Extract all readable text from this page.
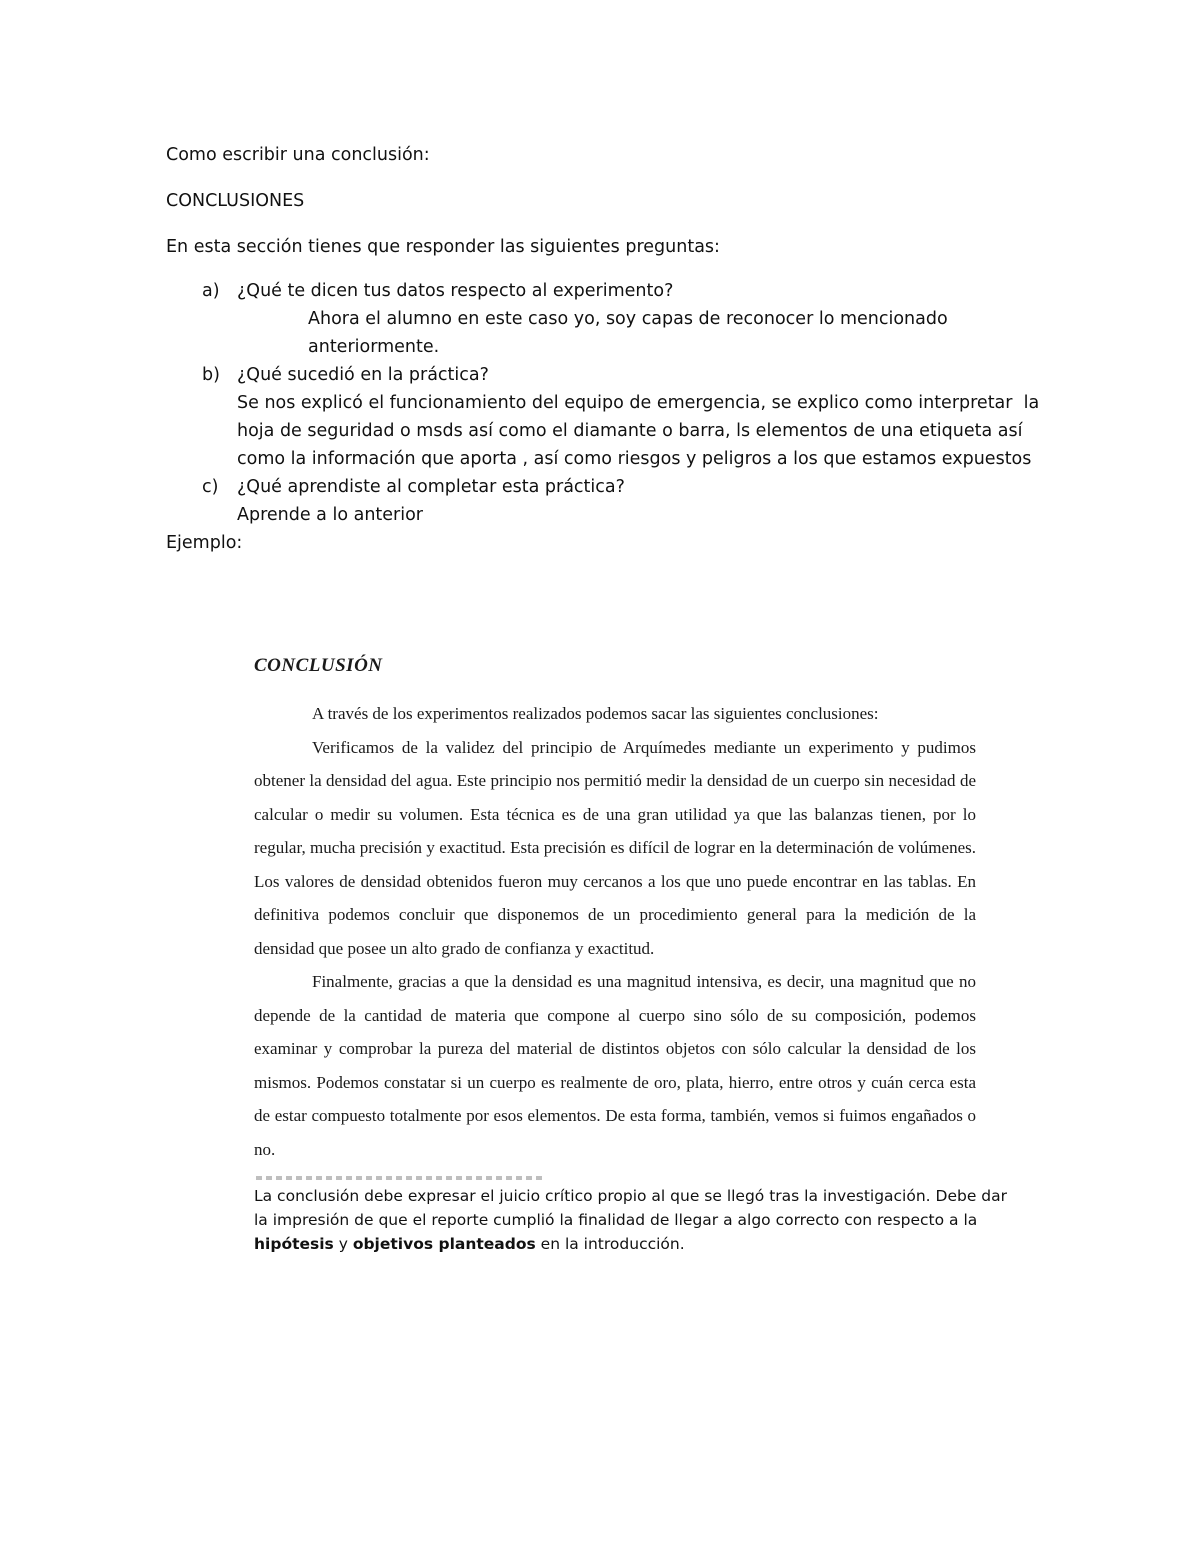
Como escribir una conclusión:

CONCLUSIONES

En esta sección tienes que responder las siguientes preguntas:

a) ¿Qué te dicen tus datos respecto al experimento?
Ahora el alumno en este caso yo, soy capas de reconocer lo mencionado
anteriormente.
b) ¿Qué sucedió en la práctica?
Se nos explicó el funcionamiento del equipo de emergencia, se explico como interpretar  la
hoja de seguridad o msds así como el diamante o barra, ls elementos de una etiqueta así
como la información que aporta , así como riesgos y peligros a los que estamos expuestos
c) ¿Qué aprendiste al completar esta práctica?
Aprende a lo anterior

Ejemplo:

CONCLUSIÓN

A través de los experimentos realizados podemos sacar las siguientes conclusiones:

Verificamos de la validez del principio de Arquímedes mediante un experimento y pudimos obtener la densidad del agua. Este principio nos permitió medir la densidad de un cuerpo sin necesidad de calcular o medir su volumen. Esta técnica es de una gran utilidad ya que las balanzas tienen, por lo regular, mucha precisión y exactitud. Esta precisión es difícil de lograr en la determinación de volúmenes. Los valores de densidad obtenidos fueron muy cercanos a los que uno puede encontrar en las tablas. En definitiva podemos concluir que disponemos de un procedimiento general para la medición de la densidad que posee un alto grado de confianza y exactitud.

Finalmente, gracias a que la densidad es una magnitud intensiva, es decir, una magnitud que no depende de la cantidad de materia que compone al cuerpo sino sólo de su composición, podemos examinar y comprobar la pureza del material de distintos objetos con sólo calcular la densidad de los mismos. Podemos constatar si un cuerpo es realmente de oro, plata, hierro, entre otros y cuán cerca esta de estar compuesto totalmente por esos elementos. De esta forma, también, vemos si fuimos engañados o no.

La conclusión debe expresar el juicio crítico propio al que se llegó tras la investigación. Debe dar la impresión de que el reporte cumplió la finalidad de llegar a algo correcto con respecto a la hipótesis y objetivos planteados en la introducción.
